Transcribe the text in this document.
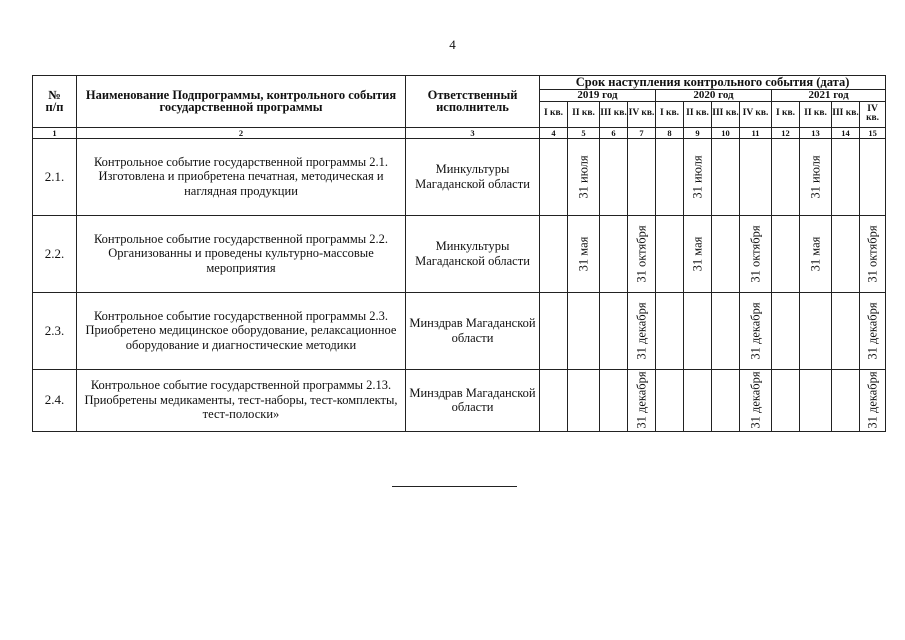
4
№
п/п	Наименование Подпрограммы, контрольного события государственной программы	Ответственный исполнитель	Срок наступления контрольного события (дата)											
			2019 год				2020 год				2021 год			
			I кв.	II кв.	III кв.	IV кв.	I кв.	II кв.	III кв.	IV кв.	I кв.	II кв.	III кв.	IV кв.
1	2	3	4	5	6	7	8	9	10	11	12	13	14	15
2.1.	Контрольное событие государственной программы 2.1. Изготовлена и приобретена печатная, методическая и наглядная продукции	Минкультуры Магаданской области		31 июля				31 июля				31 июля		

2.2.	Контрольное событие государственной программы 2.2. Организованны и проведены культурно-массовые мероприятия	Минкультуры Магаданской области		31 мая		31 октября		31 мая		31 октября		31 мая		31 октября

2.3.	Контрольное событие государственной программы 2.3. Приобретено медицинское оборудование, релаксационное оборудование и диагностические методики	Минздрав Магаданской области				31 декабря				31 декабря				31 декабря

2.4.	Контрольное событие государственной программы 2.13. Приобретены медикаменты, тест-наборы, тест-комплекты, тест-полоски»	Минздрав Магаданской области				31 декабря				31 декабря				31 декабря
